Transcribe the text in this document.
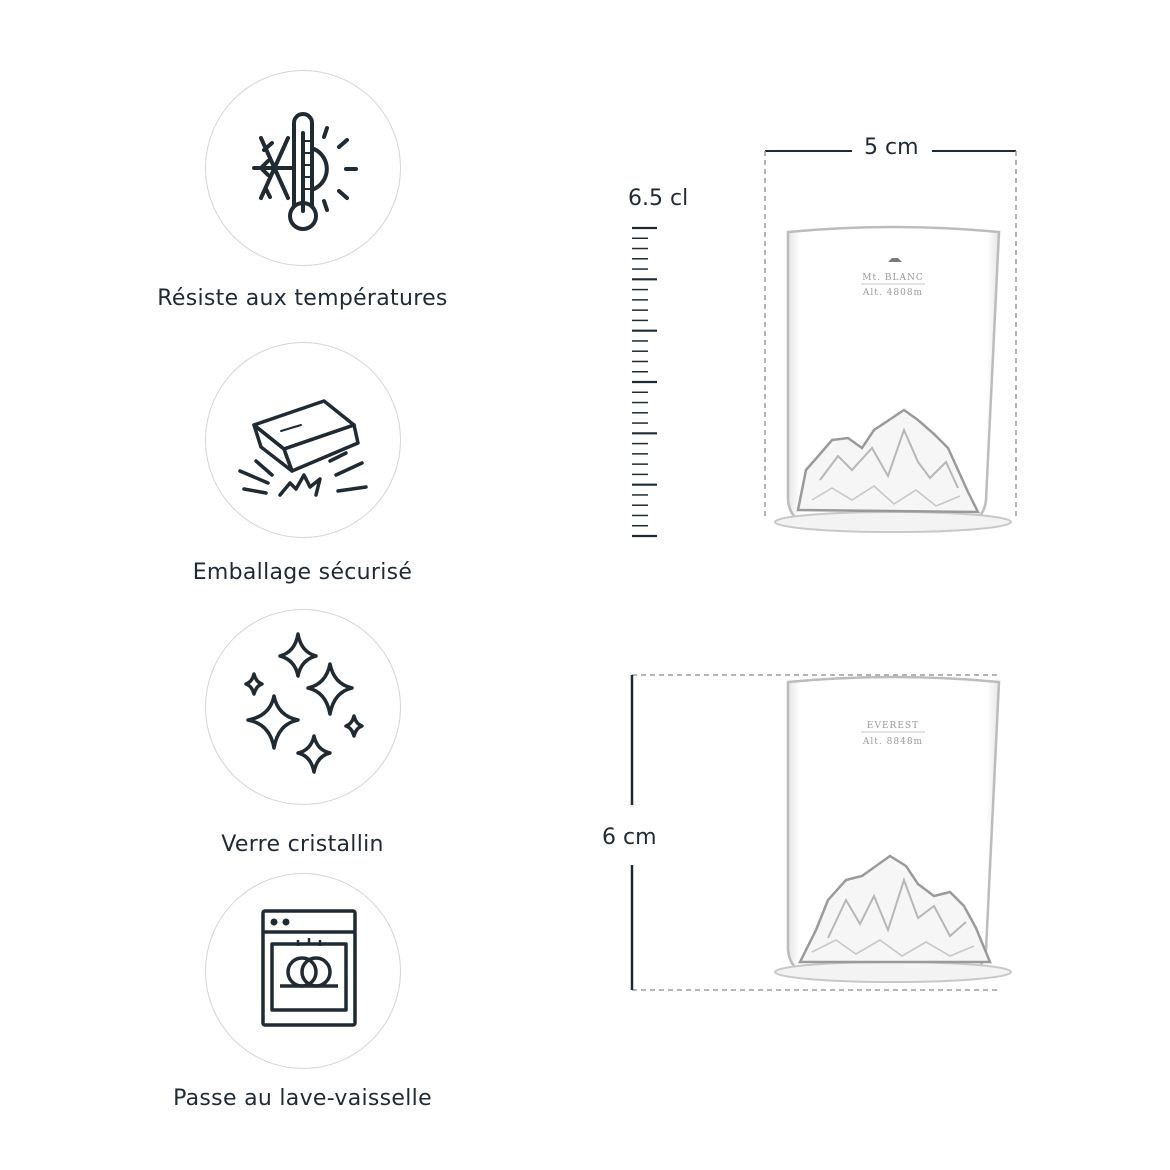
Résiste aux températures
Emballage sécurisé
Verre cristallin
Passe au lave-vaisselle
Mt. BLANC
Alt. 4808m
EVEREST
Alt. 8848m
5 cm
6.5 cl
6 cm
